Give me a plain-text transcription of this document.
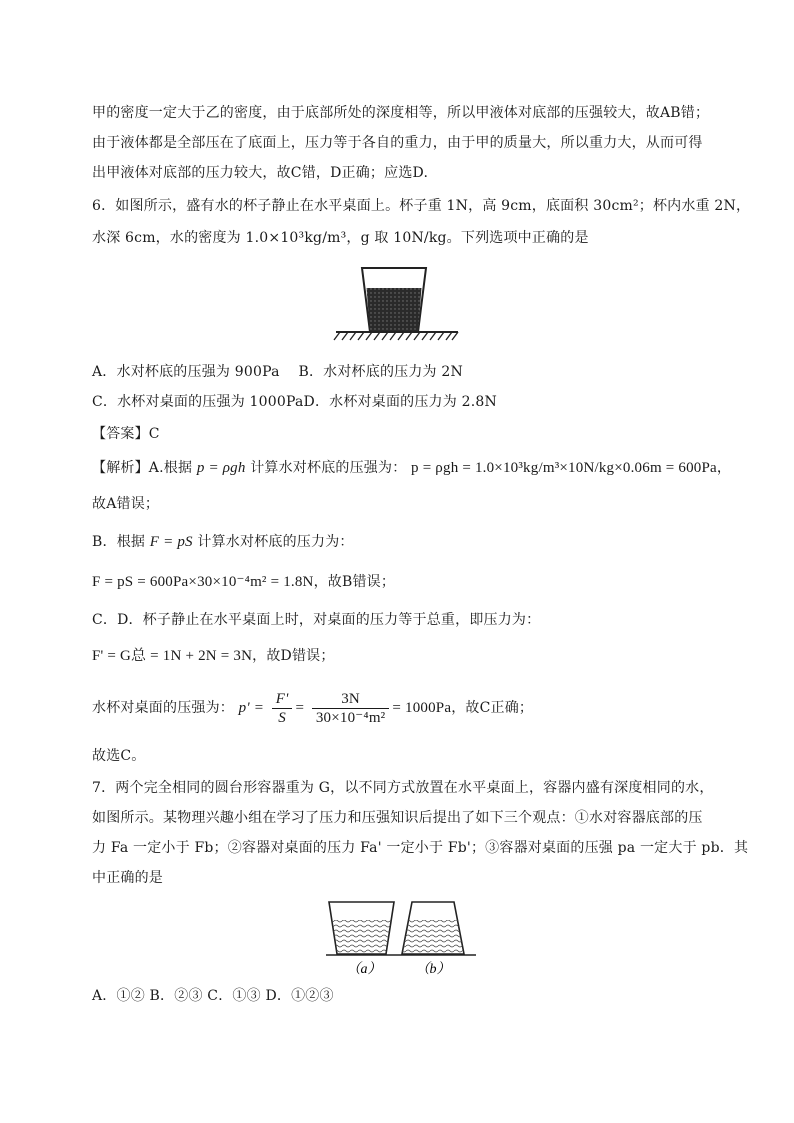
甲的密度一定大于乙的密度，由于底部所处的深度相等，所以甲液体对底部的压强较大，故AB错；
由于液体都是全部压在了底面上，压力等于各自的重力，由于甲的质量大，所以重力大，从而可得
出甲液体对底部的压力较大，故C错，D正确；应选D.
6．如图所示，盛有水的杯子静止在水平桌面上。杯子重 1N，高 9cm，底面积 30cm²；杯内水重 2N，
水深 6cm，水的密度为 1.0×10³kg/m³，g 取 10N/kg。下列选项中正确的是
A．水对杯底的压强为 900Pa　 B．水对杯底的压力为 2N
C．水杯对桌面的压强为 1000PaD．水杯对桌面的压力为 2.8N
【答案】C
【解析】A.根据 p = ρgh 计算水对杯底的压强为： p = ρgh = 1.0×10³kg/m³×10N/kg×0.06m = 600Pa，
故A错误；
B．根据 F = pS 计算水对杯底的压力为：
F = pS = 600Pa×30×10⁻⁴m² = 1.8N，故B错误；
C．D．杯子静止在水平桌面上时，对桌面的压力等于总重，即压力为：
F' = G总 = 1N + 2N = 3N，故D错误；
水杯对桌面的压强为： $p' = \frac{F'}{S} = \frac{3N}{\text{30×10⁻⁴m²}} = 1000Pa$，故C正确；
故选C。
7．两个完全相同的圆台形容器重为 G，以不同方式放置在水平桌面上，容器内盛有深度相同的水，
如图所示。某物理兴趣小组在学习了压力和压强知识后提出了如下三个观点：①水对容器底部的压
力 Fa 一定小于 Fb；②容器对桌面的压力 Fa' 一定小于 Fb'；③容器对桌面的压强 pa 一定大于 pb．其
中正确的是
（a） （b）
A．①② B．②③ C．①③ D．①②③
